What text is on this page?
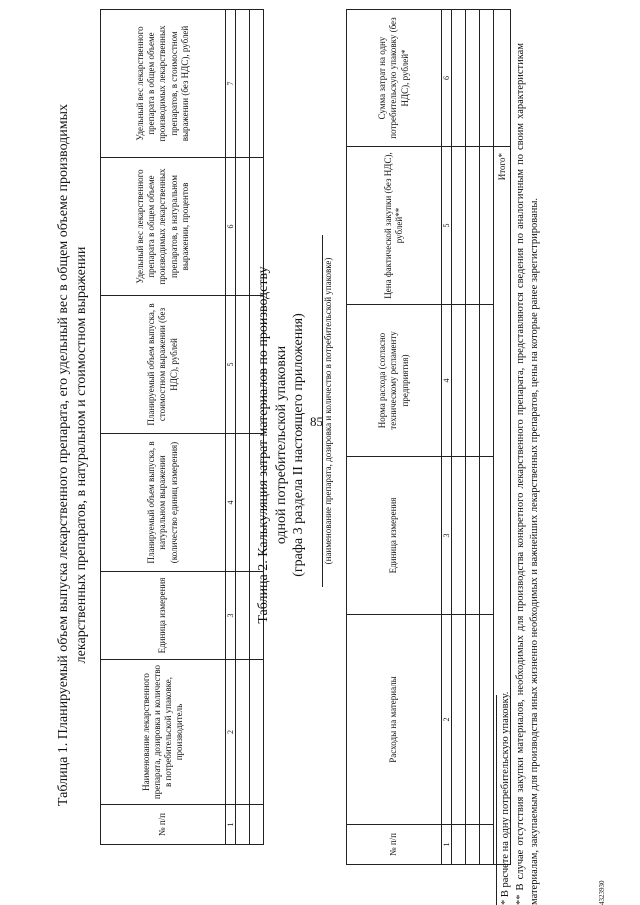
85
Таблица 1. Планируемый объем выпуска лекарственного препарата, его удельный вес в общем объеме производимых лекарственных препаратов, в натуральном и стоимостном выражении
№ п/п	Наименование лекарственного препарата, дозировка и количество в потребительской упаковке, производитель	Единица измерения	Планируемый объем выпуска, в натуральном выражении (количество единиц измерения)	Планируемый объем выпуска, в стоимостном выражении (без НДС), рублей	Удельный вес лекарственного препарата в общем объеме производимых лекарственных препаратов, в натуральном выражении, процентов	Удельный вес лекарственного препарата в общем объеме производимых лекарственных препаратов, в стоимостном выражении (без НДС), рублей
1	2	3	4	5	6	7

Таблица 2. Калькуляция затрат материалов по производству одной потребительской упаковки (графа 3 раздела II настоящего приложения) (наименование препарата, дозировка и количество в потребительской упаковке)
№ п/п	Расходы на материалы	Единица измерения	Норма расхода (согласно техническому регламенту предприятия)	Цена фактической закупки (без НДС), рублей**	Сумма затрат на одну потребительскую упаковку (без НДС), рублей*
1	2	3	4	5	6

Итого*					
* В расчете на одну потребительскую упаковку. ** В случае отсутствия закупки материалов, необходимых для производства конкретного лекарственного препарата, представляются сведения по аналогичным по своим характеристикам материалам, закупаемым для производства иных жизненно необходимых и важнейших лекарственных препаратов, цены на которые ранее зарегистрированы.	4323930
